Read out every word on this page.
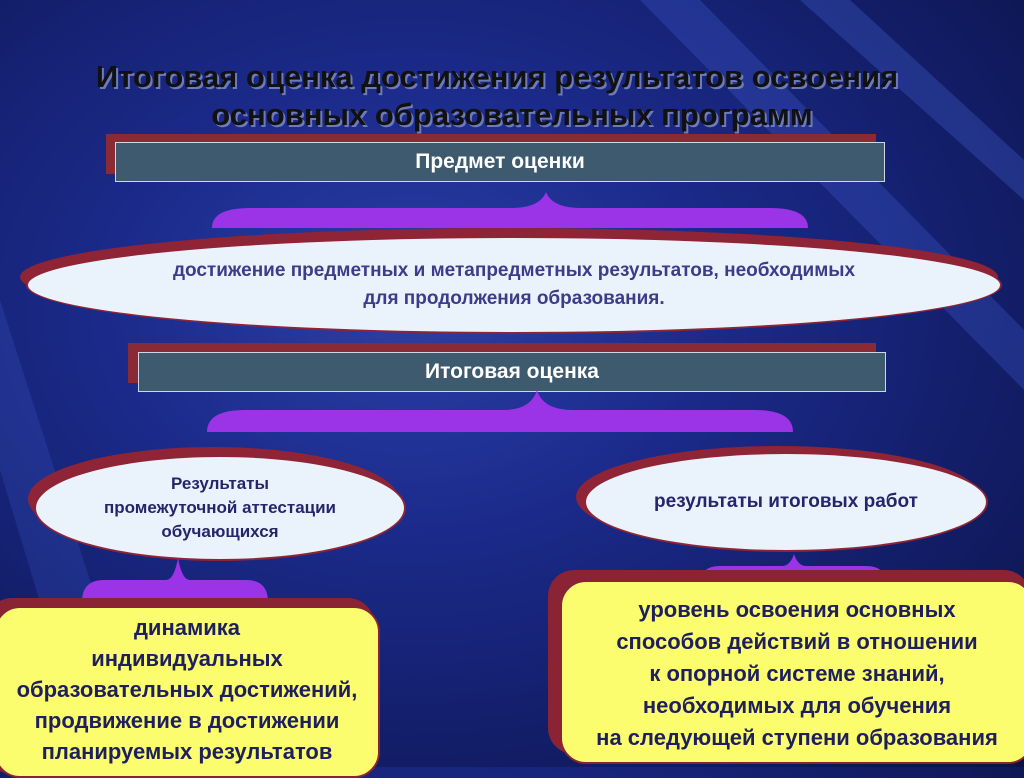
Итоговая оценка достижения результатов освоения
основных образовательных программ
Предмет оценки
достижение предметных и метапредметных результатов, необходимых
для продолжения образования.
Итоговая оценка
Результаты
промежуточной аттестации
обучающихся
результаты итоговых работ
динамика
индивидуальных
образовательных достижений,
продвижение в достижении
планируемых результатов
уровень освоения основных
способов действий в отношении
к опорной системе знаний,
необходимых для обучения
на следующей ступени образования
